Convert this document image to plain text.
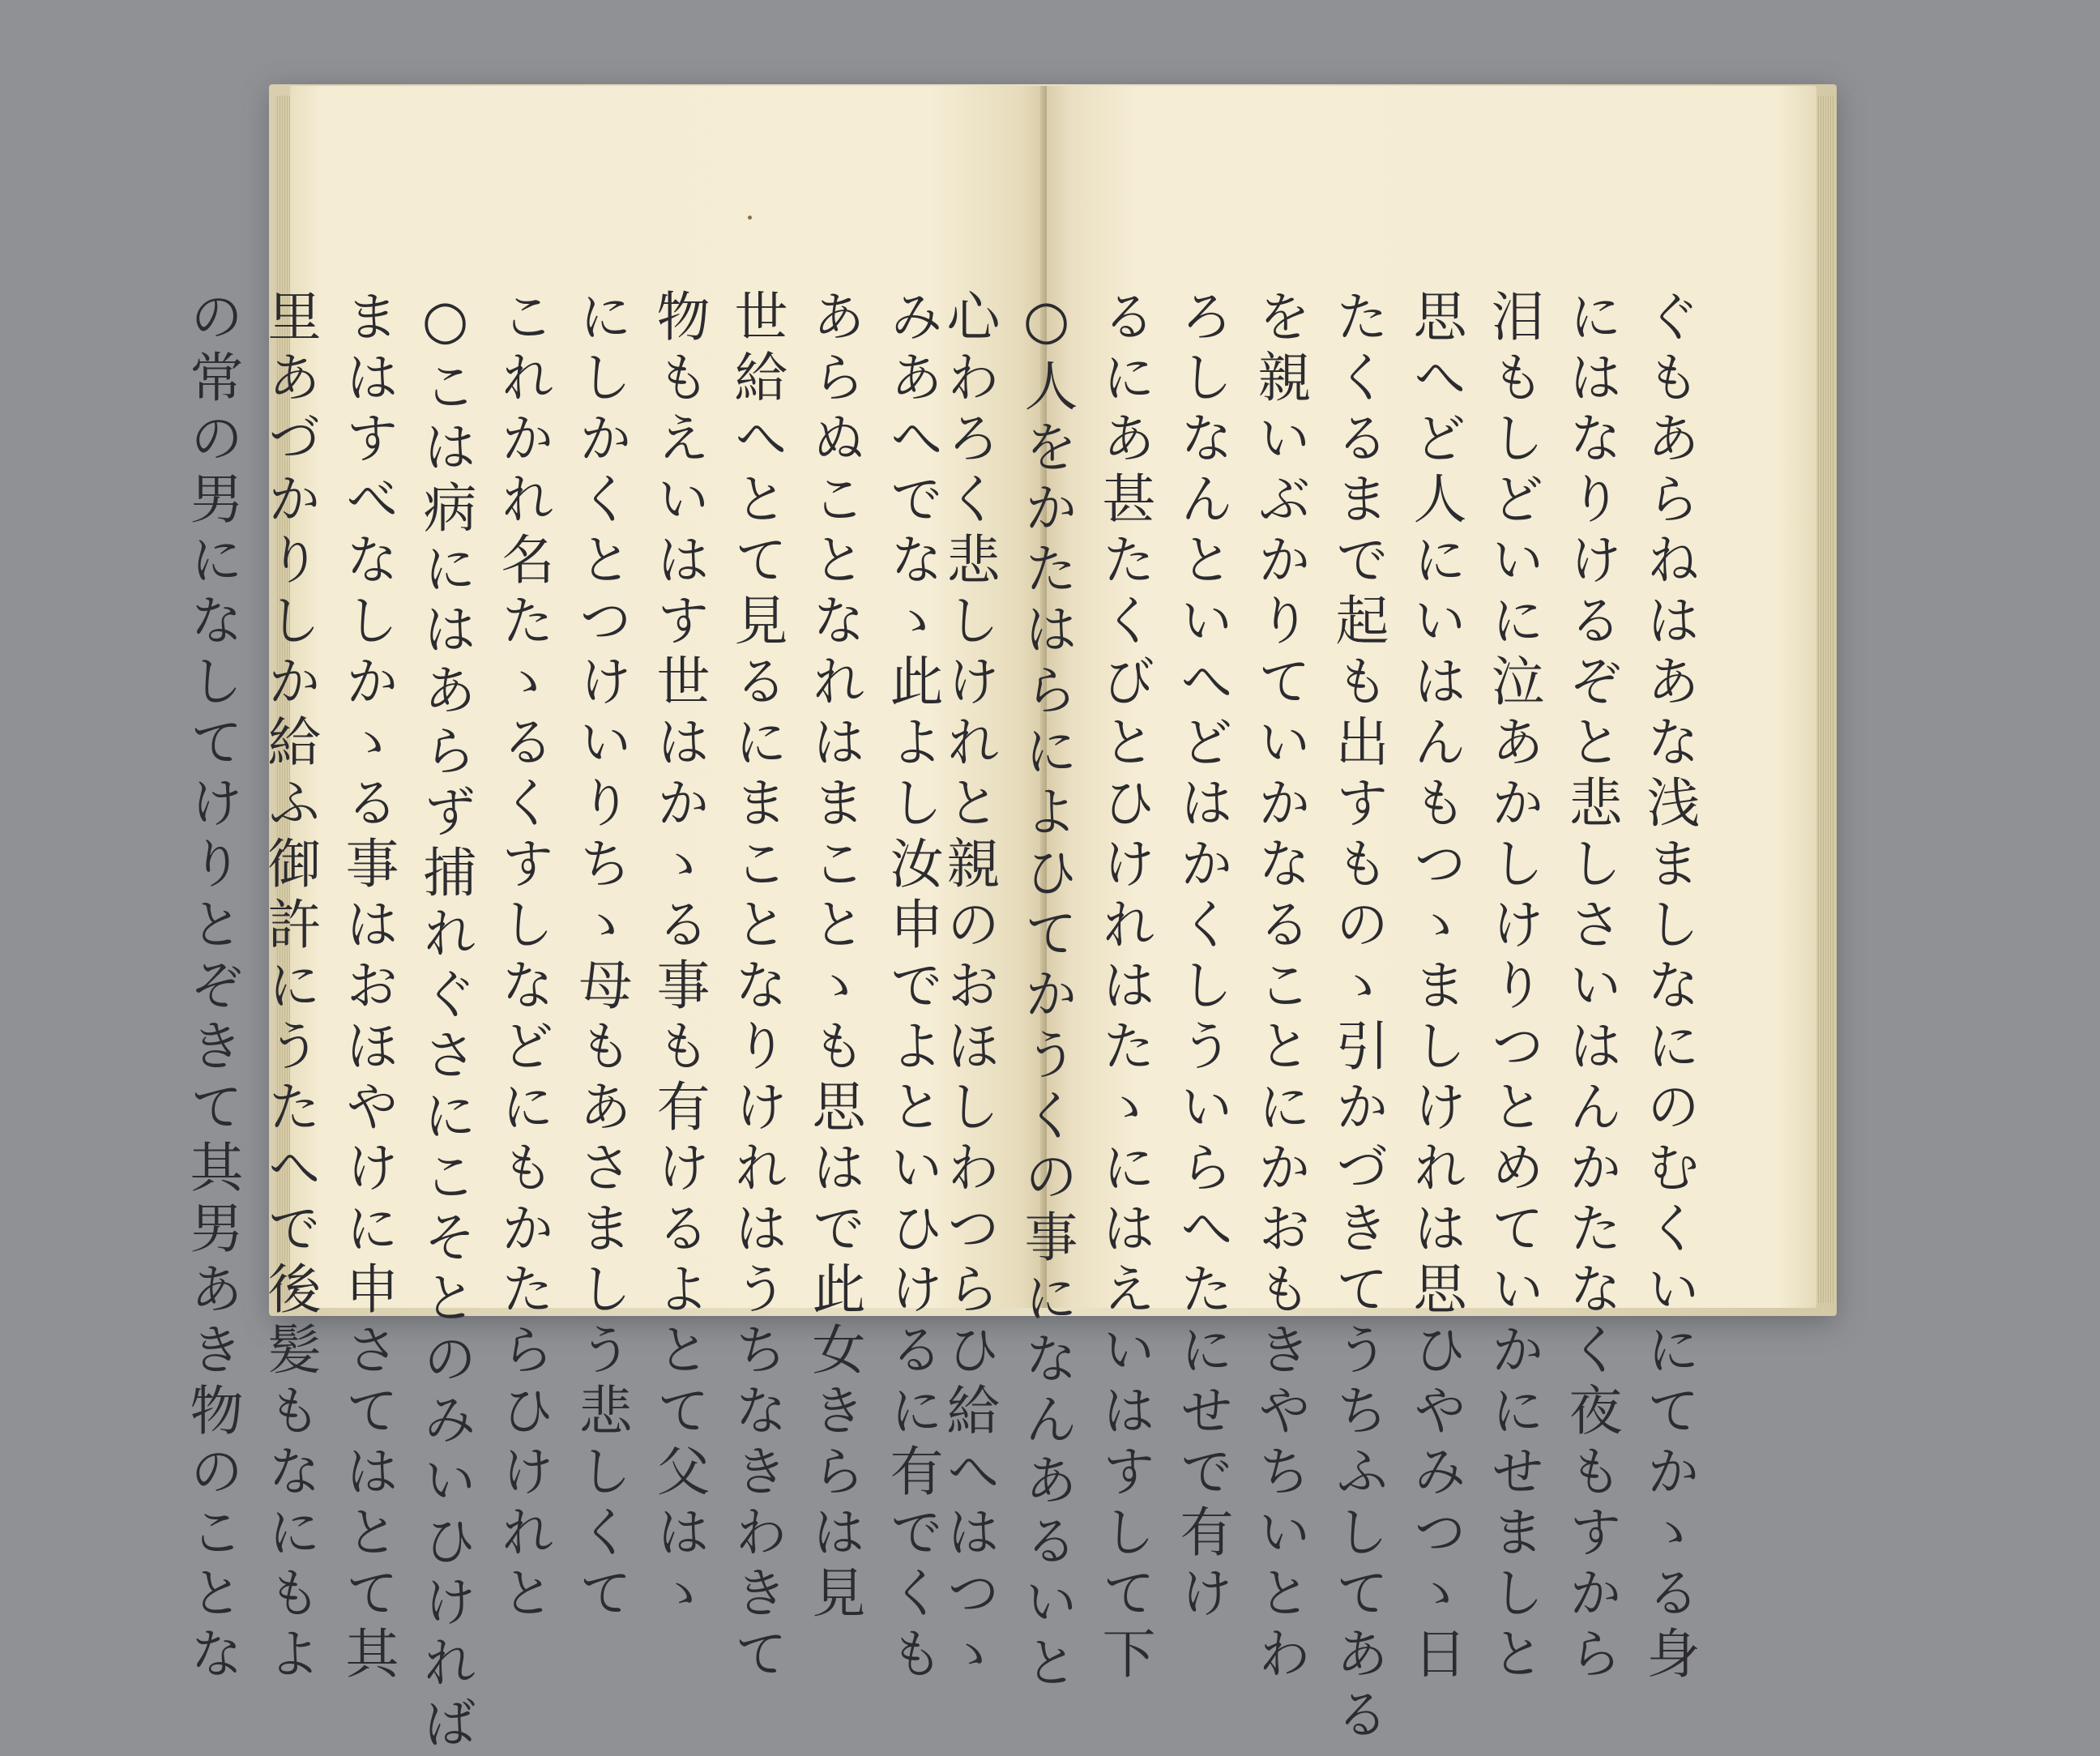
みあへでなゝ此よし汝申でよといひけるに有でくも
あらぬことなれはまことゝも思はで此女きらは見
世給へとて見るにまことなりけれはうちなきわきて
物もえいはす世はかゝる事も有けるよとて父はゝ
にしかくとつけいりちゝ母もあさましう悲しくて
これかれ名たゝるくすしなどにもかたらひけれと
○こは病にはあらず捕れぐさにこそとのみいひければ
まはすべなしかゝる事はおほやけに申さてはとて其
里あづかりしか給ふ御許にうたへで後髪もなにもよ
の常の男になしてけりとぞきて其男あき物のことな	ぐもあらねはあな浅ましなにのむくいにてかゝる身
にはなりけるぞと悲しさいはんかたなく夜もすから
泪もしどいに泣あかしけりつとめていかにせましと
思へど人にいはんもつゝましけれは思ひやみつゝ日
たくるまで起も出すものゝ引かづきてうちふしてある
を親いぶかりていかなることにかおもきやちいとわ
ろしなんといへどはかくしういらへたにせで有け
るにあ甚たくびとひけれはたゝにはえいはすして下
○人をかたはらによひてかうくの事になんあるいと
心わろく悲しけれと親のおほしわつらひ給へはつゝ
